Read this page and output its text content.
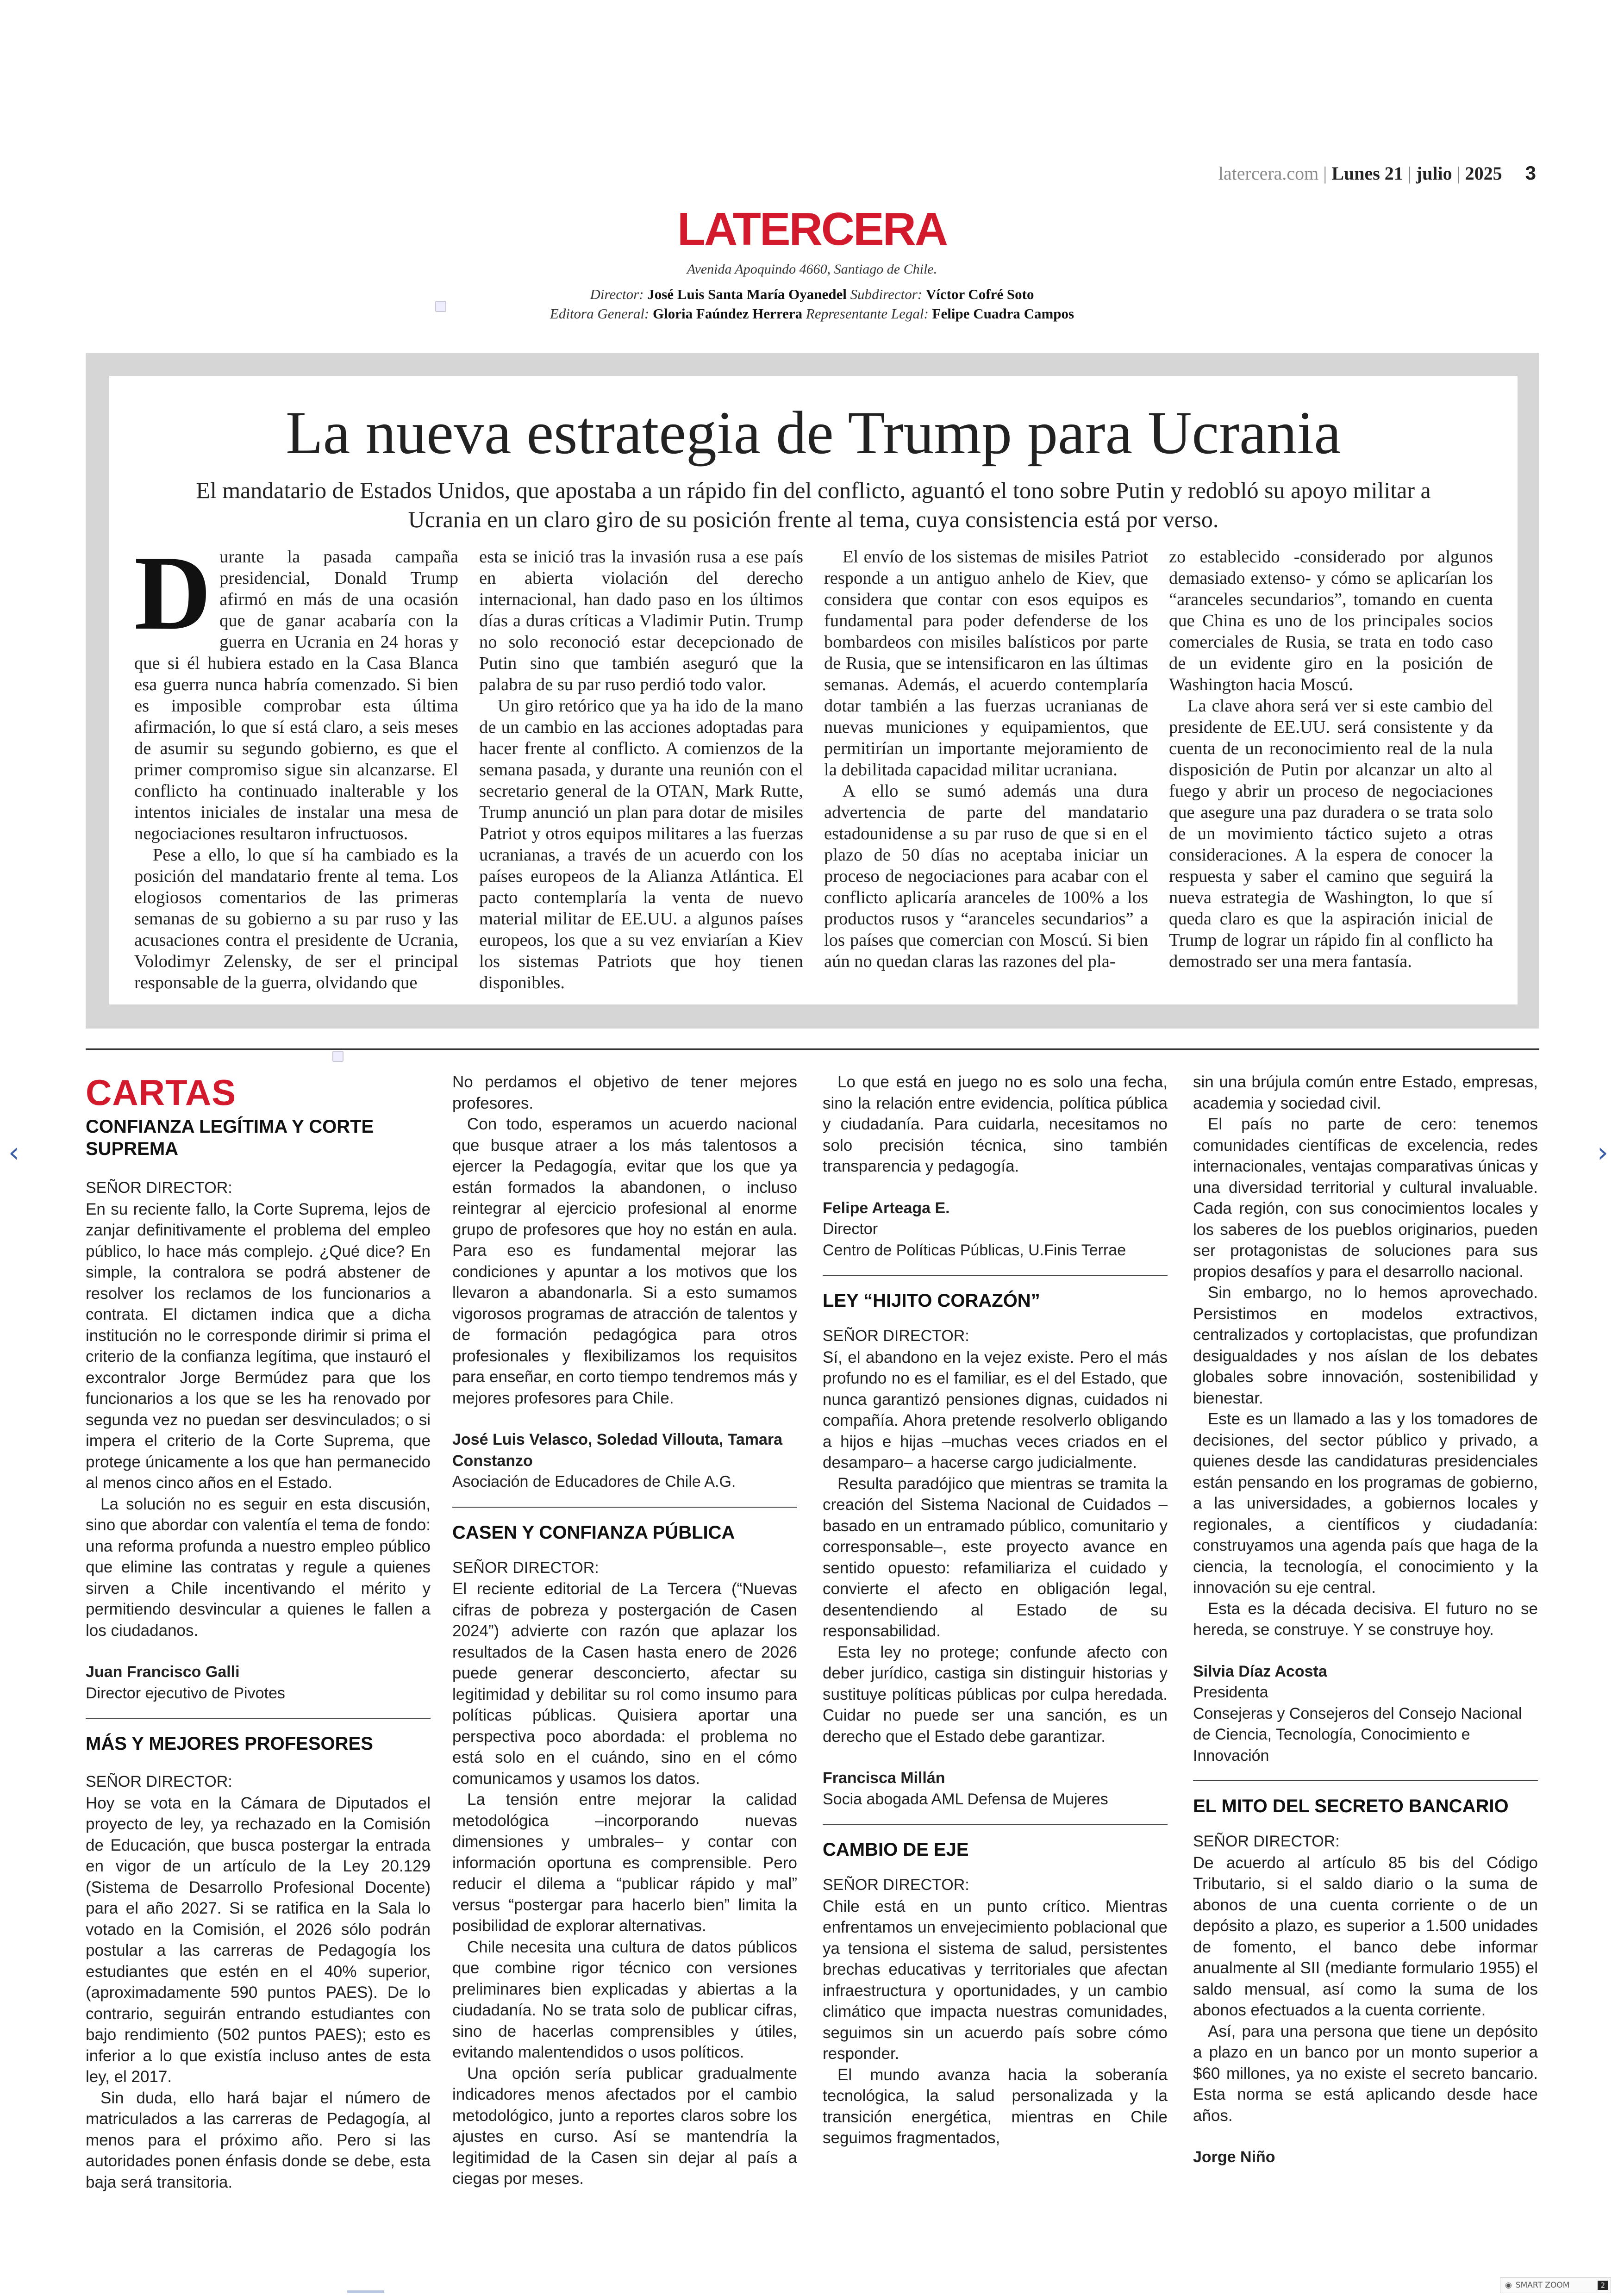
latercera.com | Lunes 21 | julio | 2025 3
LATERCERA
Avenida Apoquindo 4660, Santiago de Chile.
Director: José Luis Santa María Oyanedel Subdirector: Víctor Cofré Soto
Editora General: Gloria Faúndez Herrera Representante Legal: Felipe Cuadra Campos
La nueva estrategia de Trump para Ucrania
El mandatario de Estados Unidos, que apostaba a un rápido fin del conflicto, aguantó el tono sobre Putin y redobló su apoyo militar a Ucrania en un claro giro de su posición frente al tema, cuya consistencia está por verso.
D urante la pasada campaña presidencial, Donald Trump afirmó en más de una ocasión que de ganar acabaría con la guerra en Ucrania en 24 horas y que si él hubiera estado en la Casa Blanca esa guerra nunca habría comenzado. Si bien es imposible comprobar esta última afirmación, lo que sí está claro, a seis meses de asumir su segundo gobierno, es que el primer compromiso sigue sin alcanzarse. El conflicto ha continuado inalterable y los intentos iniciales de instalar una mesa de negociaciones resultaron infructuosos.

Pese a ello, lo que sí ha cambiado es la posición del mandatario frente al tema. Los elogiosos comentarios de las primeras semanas de su gobierno a su par ruso y las acusaciones contra el presidente de Ucrania, Volodimyr Zelensky, de ser el principal responsable de la guerra, olvidando que

esta se inició tras la invasión rusa a ese país en abierta violación del derecho internacional, han dado paso en los últimos días a duras críticas a Vladimir Putin. Trump no solo reconoció estar decepcionado de Putin sino que también aseguró que la palabra de su par ruso perdió todo valor.

Un giro retórico que ya ha ido de la mano de un cambio en las acciones adoptadas para hacer frente al conflicto. A comienzos de la semana pasada, y durante una reunión con el secretario general de la OTAN, Mark Rutte, Trump anunció un plan para dotar de misiles Patriot y otros equipos militares a las fuerzas ucranianas, a través de un acuerdo con los países europeos de la Alianza Atlántica. El pacto contemplaría la venta de nuevo material militar de EE.UU. a algunos países europeos, los que a su vez enviarían a Kiev los sistemas Patriots que hoy tienen disponibles.

El envío de los sistemas de misiles Patriot responde a un antiguo anhelo de Kiev, que considera que contar con esos equipos es fundamental para poder defenderse de los bombardeos con misiles balísticos por parte de Rusia, que se intensificaron en las últimas semanas. Además, el acuerdo contemplaría dotar también a las fuerzas ucranianas de nuevas municiones y equipamientos, que permitirían un importante mejoramiento de la debilitada capacidad militar ucraniana.

A ello se sumó además una dura advertencia de parte del mandatario estadounidense a su par ruso de que si en el plazo de 50 días no aceptaba iniciar un proceso de negociaciones para acabar con el conflicto aplicaría aranceles de 100% a los productos rusos y “aranceles secundarios” a los países que comercian con Moscú. Si bien aún no quedan claras las razones del pla-

zo establecido -considerado por algunos demasiado extenso- y cómo se aplicarían los “aranceles secundarios”, tomando en cuenta que China es uno de los principales socios comerciales de Rusia, se trata en todo caso de un evidente giro en la posición de Washington hacia Moscú.

La clave ahora será ver si este cambio del presidente de EE.UU. será consistente y da cuenta de un reconocimiento real de la nula disposición de Putin por alcanzar un alto al fuego y abrir un proceso de negociaciones que asegure una paz duradera o se trata solo de un movimiento táctico sujeto a otras consideraciones. A la espera de conocer la respuesta y saber el camino que seguirá la nueva estrategia de Washington, lo que sí queda claro es que la aspiración inicial de Trump de lograr un rápido fin al conflicto ha demostrado ser una mera fantasía.

CARTAS
CONFIANZA LEGÍTIMA Y CORTE SUPREMA
SEÑOR DIRECTOR:

En su reciente fallo, la Corte Suprema, lejos de zanjar definitivamente el problema del empleo público, lo hace más complejo. ¿Qué dice? En simple, la contralora se podrá abstener de resolver los reclamos de los funcionarios a contrata. El dictamen indica que a dicha institución no le corresponde dirimir si prima el criterio de la confianza legítima, que instauró el excontralor Jorge Bermúdez para que los funcionarios a los que se les ha renovado por segunda vez no puedan ser desvinculados; o si impera el criterio de la Corte Suprema, que protege únicamente a los que han permanecido al menos cinco años en el Estado.

La solución no es seguir en esta discusión, sino que abordar con valentía el tema de fondo: una reforma profunda a nuestro empleo público que elimine las contratas y regule a quienes sirven a Chile incentivando el mérito y permitiendo desvincular a quienes le fallen a los ciudadanos.

Juan Francisco Galli
Director ejecutivo de Pivotes
MÁS Y MEJORES PROFESORES
SEÑOR DIRECTOR:

Hoy se vota en la Cámara de Diputados el proyecto de ley, ya rechazado en la Comisión de Educación, que busca postergar la entrada en vigor de un artículo de la Ley 20.129 (Sistema de Desarrollo Profesional Docente) para el año 2027. Si se ratifica en la Sala lo votado en la Comisión, el 2026 sólo podrán postular a las carreras de Pedagogía los estudiantes que estén en el 40% superior, (aproximadamente 590 puntos PAES). De lo contrario, seguirán entrando estudiantes con bajo rendimiento (502 puntos PAES); esto es inferior a lo que existía incluso antes de esta ley, el 2017.

Sin duda, ello hará bajar el número de matriculados a las carreras de Pedagogía, al menos para el próximo año. Pero si las autoridades ponen énfasis donde se debe, esta baja será transitoria.

No perdamos el objetivo de tener mejores profesores.

Con todo, esperamos un acuerdo nacional que busque atraer a los más talentosos a ejercer la Pedagogía, evitar que los que ya están formados la abandonen, o incluso reintegrar al ejercicio profesional al enorme grupo de profesores que hoy no están en aula. Para eso es fundamental mejorar las condiciones y apuntar a los motivos que los llevaron a abandonarla. Si a esto sumamos vigorosos programas de atracción de talentos y de formación pedagógica para otros profesionales y flexibilizamos los requisitos para enseñar, en corto tiempo tendremos más y mejores profesores para Chile.

José Luis Velasco, Soledad Villouta, Tamara Constanzo
Asociación de Educadores de Chile A.G.
CASEN Y CONFIANZA PÚBLICA
SEÑOR DIRECTOR:

El reciente editorial de La Tercera (“Nuevas cifras de pobreza y postergación de Casen 2024”) advierte con razón que aplazar los resultados de la Casen hasta enero de 2026 puede generar desconcierto, afectar su legitimidad y debilitar su rol como insumo para políticas públicas. Quisiera aportar una perspectiva poco abordada: el problema no está solo en el cuándo, sino en el cómo comunicamos y usamos los datos.

La tensión entre mejorar la calidad metodológica –incorporando nuevas dimensiones y umbrales– y contar con información oportuna es comprensible. Pero reducir el dilema a “publicar rápido y mal” versus “postergar para hacerlo bien” limita la posibilidad de explorar alternativas.

Chile necesita una cultura de datos públicos que combine rigor técnico con versiones preliminares bien explicadas y abiertas a la ciudadanía. No se trata solo de publicar cifras, sino de hacerlas comprensibles y útiles, evitando malentendidos o usos políticos.

Una opción sería publicar gradualmente indicadores menos afectados por el cambio metodológico, junto a reportes claros sobre los ajustes en curso. Así se mantendría la legitimidad de la Casen sin dejar al país a ciegas por meses.

Lo que está en juego no es solo una fecha, sino la relación entre evidencia, política pública y ciudadanía. Para cuidarla, necesitamos no solo precisión técnica, sino también transparencia y pedagogía.

Felipe Arteaga E.
Director
Centro de Políticas Públicas, U.Finis Terrae
LEY “HIJITO CORAZÓN”
SEÑOR DIRECTOR:

Sí, el abandono en la vejez existe. Pero el más profundo no es el familiar, es el del Estado, que nunca garantizó pensiones dignas, cuidados ni compañía. Ahora pretende resolverlo obligando a hijos e hijas –muchas veces criados en el desamparo– a hacerse cargo judicialmente.

Resulta paradójico que mientras se tramita la creación del Sistema Nacional de Cuidados –basado en un entramado público, comunitario y corresponsable–, este proyecto avance en sentido opuesto: refamiliariza el cuidado y convierte el afecto en obligación legal, desentendiendo al Estado de su responsabilidad.

Esta ley no protege; confunde afecto con deber jurídico, castiga sin distinguir historias y sustituye políticas públicas por culpa heredada. Cuidar no puede ser una sanción, es un derecho que el Estado debe garantizar.

Francisca Millán
Socia abogada AML Defensa de Mujeres
CAMBIO DE EJE
SEÑOR DIRECTOR:

Chile está en un punto crítico. Mientras enfrentamos un envejecimiento poblacional que ya tensiona el sistema de salud, persistentes brechas educativas y territoriales que afectan infraestructura y oportunidades, y un cambio climático que impacta nuestras comunidades, seguimos sin un acuerdo país sobre cómo responder.

El mundo avanza hacia la soberanía tecnológica, la salud personalizada y la transición energética, mientras en Chile seguimos fragmentados,

sin una brújula común entre Estado, empresas, academia y sociedad civil.

El país no parte de cero: tenemos comunidades científicas de excelencia, redes internacionales, ventajas comparativas únicas y una diversidad territorial y cultural invaluable. Cada región, con sus conocimientos locales y los saberes de los pueblos originarios, pueden ser protagonistas de soluciones para sus propios desafíos y para el desarrollo nacional.

Sin embargo, no lo hemos aprovechado. Persistimos en modelos extractivos, centralizados y cortoplacistas, que profundizan desigualdades y nos aíslan de los debates globales sobre innovación, sostenibilidad y bienestar.

Este es un llamado a las y los tomadores de decisiones, del sector público y privado, a quienes desde las candidaturas presidenciales están pensando en los programas de gobierno, a las universidades, a gobiernos locales y regionales, a científicos y ciudadanía: construyamos una agenda país que haga de la ciencia, la tecnología, el conocimiento y la innovación su eje central.

Esta es la década decisiva. El futuro no se hereda, se construye. Y se construye hoy.

Silvia Díaz Acosta
Presidenta
Consejeras y Consejeros del Consejo Nacional de Ciencia, Tecnología, Conocimiento e Innovación
EL MITO DEL SECRETO BANCARIO
SEÑOR DIRECTOR:

De acuerdo al artículo 85 bis del Código Tributario, si el saldo diario o la suma de abonos de una cuenta corriente o de un depósito a plazo, es superior a 1.500 unidades de fomento, el banco debe informar anualmente al SII (mediante formulario 1955) el saldo mensual, así como la suma de los abonos efectuados a la cuenta corriente.

Así, para una persona que tiene un depósito a plazo en un banco por un monto superior a $60 millones, ya no existe el secreto bancario. Esta norma se está aplicando desde hace años.

Jorge Niño
‹	›
◉ SMART ZOOM	2
